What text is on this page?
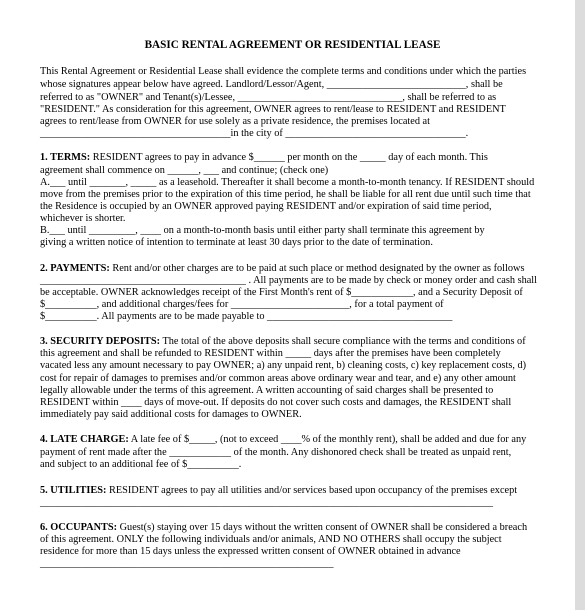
BASIC RENTAL AGREEMENT OR RESIDENTIAL LEASE
This Rental Agreement or Residential Lease shall evidence the complete terms and conditions under which the parties
whose signatures appear below have agreed. Landlord/Lessor/Agent, ___________________________, shall be
referred to as "OWNER" and Tenant(s)/Lessee, ________________________________, shall be referred to as
"RESIDENT." As consideration for this agreement, OWNER agrees to rent/lease to RESIDENT and RESIDENT
agrees to rent/lease from OWNER for use solely as a private residence, the premises located at
_____________________________________in the city of ___________________________________.
1. TERMS: RESIDENT agrees to pay in advance $______ per month on the _____ day of each month. This
agreement shall commence on ______, ___ and continue; (check one)
A.___ until _______, _____ as a leasehold. Thereafter it shall become a month-to-month tenancy. If RESIDENT should
move from the premises prior to the expiration of this time period, he shall be liable for all rent due until such time that
the Residence is occupied by an OWNER approved paying RESIDENT and/or expiration of said time period,
whichever is shorter.
B.___ until _________, ____ on a month-to-month basis until either party shall terminate this agreement by
giving a written notice of intention to terminate at least 30 days prior to the date of termination.
2. PAYMENTS: Rent and/or other charges are to be paid at such place or method designated by the owner as follows
________________________________________ . All payments are to be made by check or money order and cash shall
be acceptable. OWNER acknowledges receipt of the First Month's rent of $____________, and a Security Deposit of
$__________, and additional charges/fees for _______________________, for a total payment of
$__________. All payments are to be made payable to ____________________________________
3. SECURITY DEPOSITS: The total of the above deposits shall secure compliance with the terms and conditions of
this agreement and shall be refunded to RESIDENT within _____ days after the premises have been completely
vacated less any amount necessary to pay OWNER; a) any unpaid rent, b) cleaning costs, c) key replacement costs, d)
cost for repair of damages to premises and/or common areas above ordinary wear and tear, and e) any other amount
legally allowable under the terms of this agreement. A written accounting of said charges shall be presented to
RESIDENT within ____ days of move-out. If deposits do not cover such costs and damages, the RESIDENT shall
immediately pay said additional costs for damages to OWNER.
4. LATE CHARGE: A late fee of $_____, (not to exceed ____% of the monthly rent), shall be added and due for any
payment of rent made after the ____________ of the month. Any dishonored check shall be treated as unpaid rent,
and subject to an additional fee of $__________.
5. UTILITIES: RESIDENT agrees to pay all utilities and/or services based upon occupancy of the premises except
________________________________________________________________________________________
6. OCCUPANTS: Guest(s) staying over 15 days without the written consent of OWNER shall be considered a breach
of this agreement. ONLY the following individuals and/or animals, AND NO OTHERS shall occupy the subject
residence for more than 15 days unless the expressed written consent of OWNER obtained in advance
_________________________________________________________
